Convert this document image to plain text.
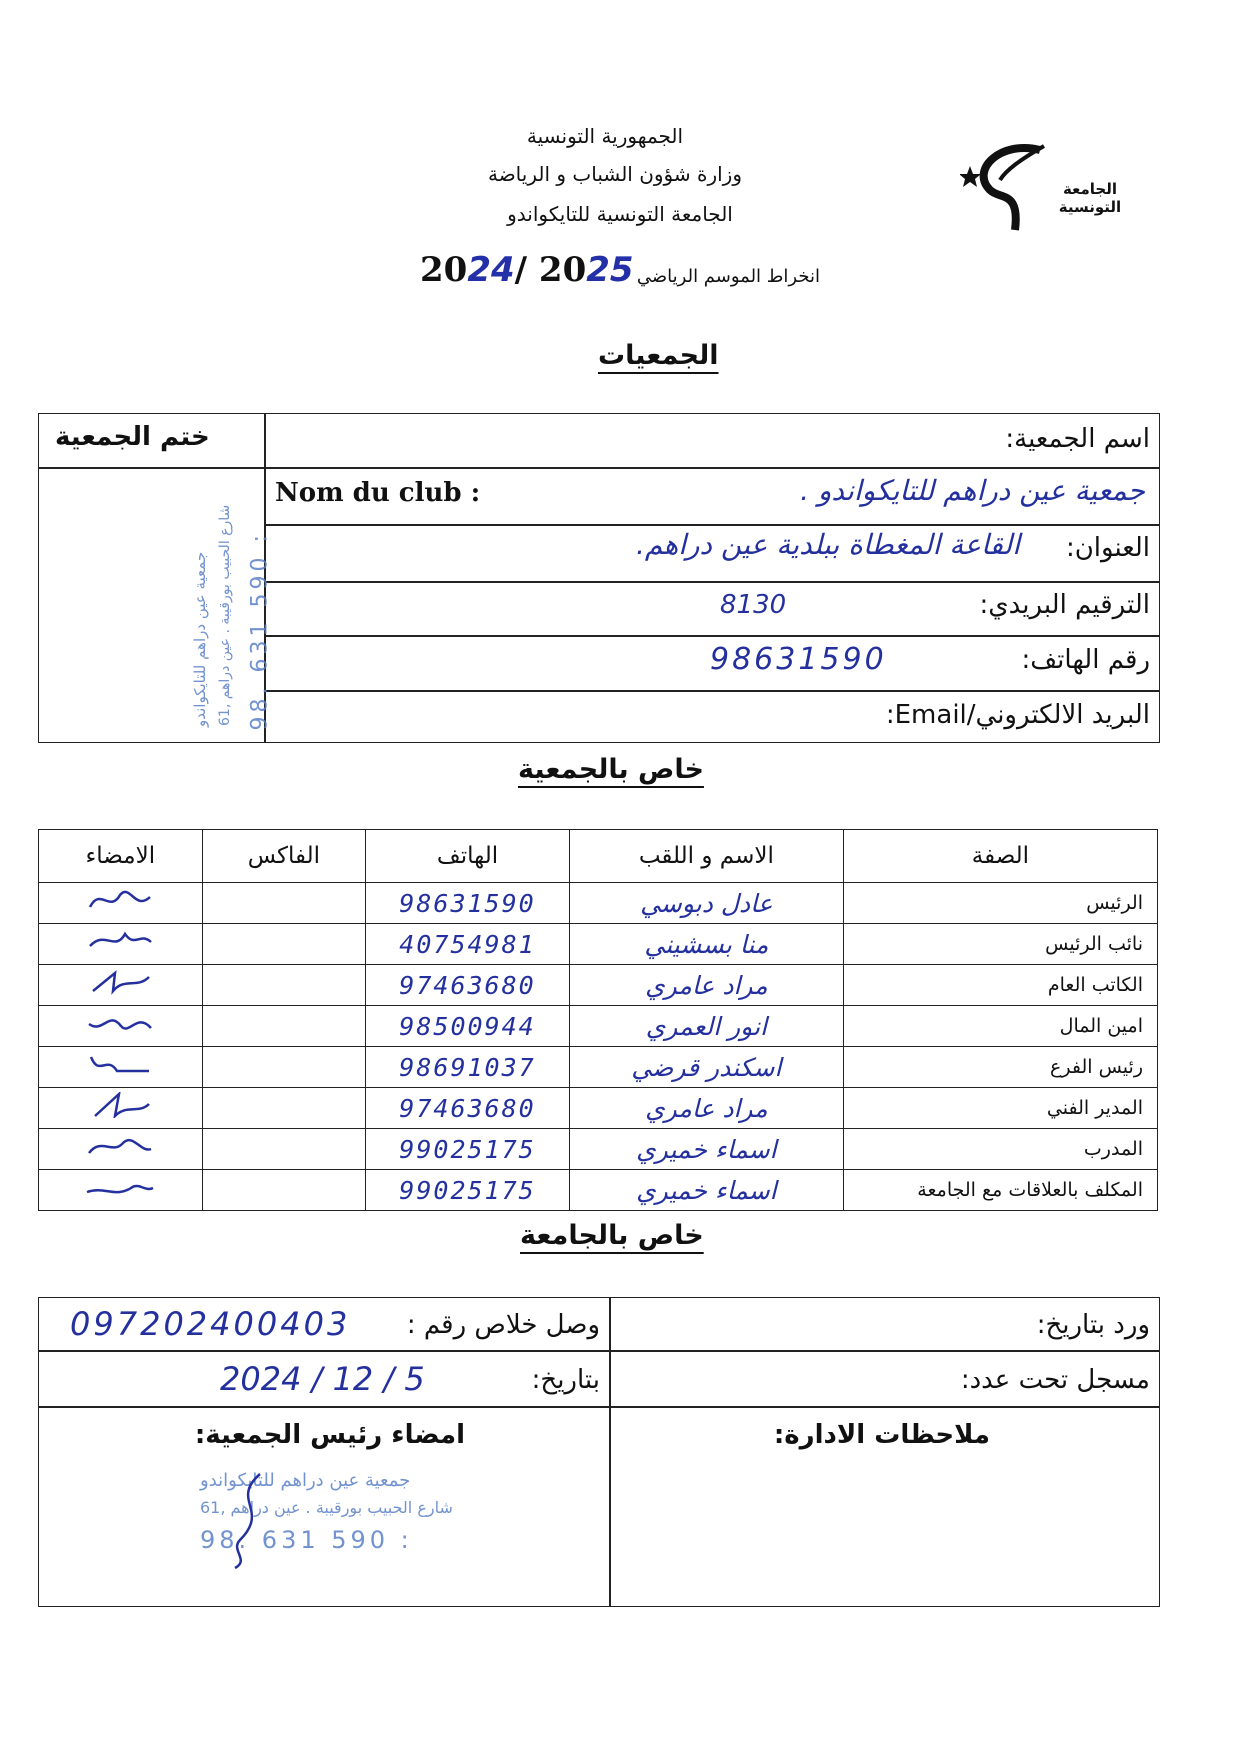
الجمهورية التونسية
وزارة شؤون الشباب و الرياضة
الجامعة التونسية للتايكواندو
الجامعة التونسية
انخراط الموسم الرياضي
2024/ 2025
الجمعيات
ختم الجمعية	اسم الجمعية:
Nom du club :	جمعية عين دراهم للتايكواندو .
العنوان:
القاعة المغطاة ببلدية عين دراهم.
الترقيم البريدي:
8130
رقم الهاتف:
98631590
البريد الالكتروني/Email:
جمعية عين دراهم للتايكواندو 61, شارع الحبيب بورقيبة . عين دراهم 98. 631 590 :
خاص بالجمعية
الامضاء	الفاكس	الهاتف	الاسم و اللقب	الصفة
		98631590	عادل دبوسي	الرئيس
		40754981	منا بسشيني	نائب الرئيس
		97463680	مراد عامري	الكاتب العام
		98500944	انور العمري	امين المال
		98691037	اسكندر قرضي	رئيس الفرع
		97463680	مراد عامري	المدير الفني
		99025175	اسماء خميري	المدرب
		99025175	اسماء خميري	المكلف بالعلاقات مع الجامعة
خاص بالجامعة
ورد بتاريخ:
وصل خلاص رقم :
097202400403
مسجل تحت عدد:
بتاريخ:
2024 / 12 / 5
ملاحظات الادارة:
امضاء رئيس الجمعية:
جمعية عين دراهم للتايكواندو
61, شارع الحبيب بورقيبة . عين دراهم
98. 631 590 :
